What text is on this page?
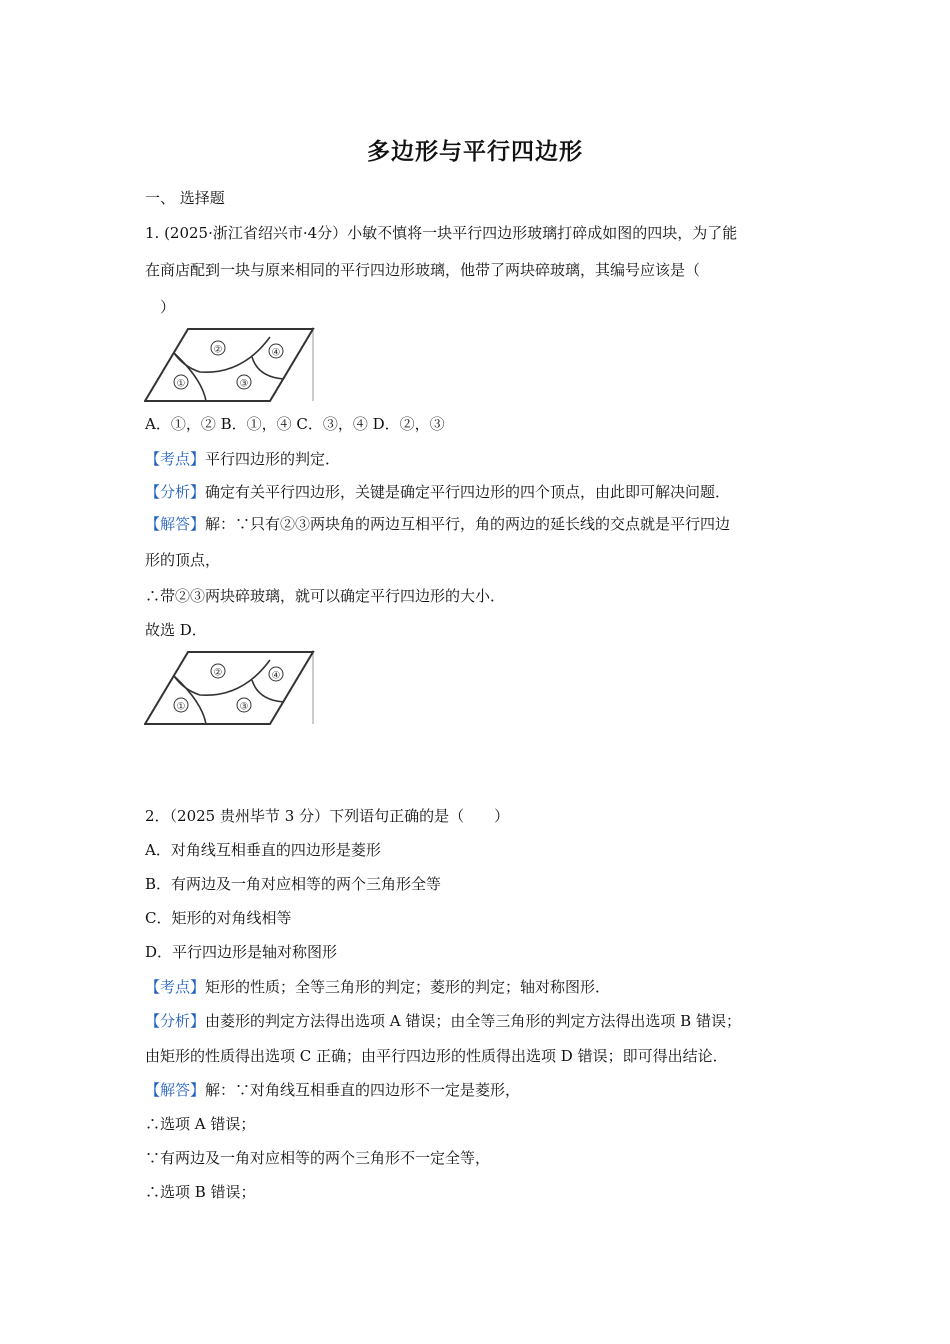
多边形与平行四边形
一、 选择题
1. (2025·浙江省绍兴市·4分）小敏不慎将一块平行四边形玻璃打碎成如图的四块，为了能
在商店配到一块与原来相同的平行四边形玻璃，他带了两块碎玻璃，其编号应该是（
）
②	④
①	③
A．①，② B．①，④ C．③，④ D．②，③
【考点】平行四边形的判定．
【分析】确定有关平行四边形，关键是确定平行四边形的四个顶点，由此即可解决问题．
【解答】解：∵只有②③两块角的两边互相平行，角的两边的延长线的交点就是平行四边
形的顶点，
∴带②③两块碎玻璃，就可以确定平行四边形的大小．
故选 D．
②	④
①	③
2．（2025 贵州毕节 3 分）下列语句正确的是（　　）
A．对角线互相垂直的四边形是菱形
B．有两边及一角对应相等的两个三角形全等
C．矩形的对角线相等
D．平行四边形是轴对称图形
【考点】矩形的性质；全等三角形的判定；菱形的判定；轴对称图形．
【分析】由菱形的判定方法得出选项 A 错误；由全等三角形的判定方法得出选项 B 错误；
由矩形的性质得出选项 C 正确；由平行四边形的性质得出选项 D 错误；即可得出结论．
【解答】解：∵对角线互相垂直的四边形不一定是菱形，
∴选项 A 错误；
∵有两边及一角对应相等的两个三角形不一定全等，
∴选项 B 错误；
